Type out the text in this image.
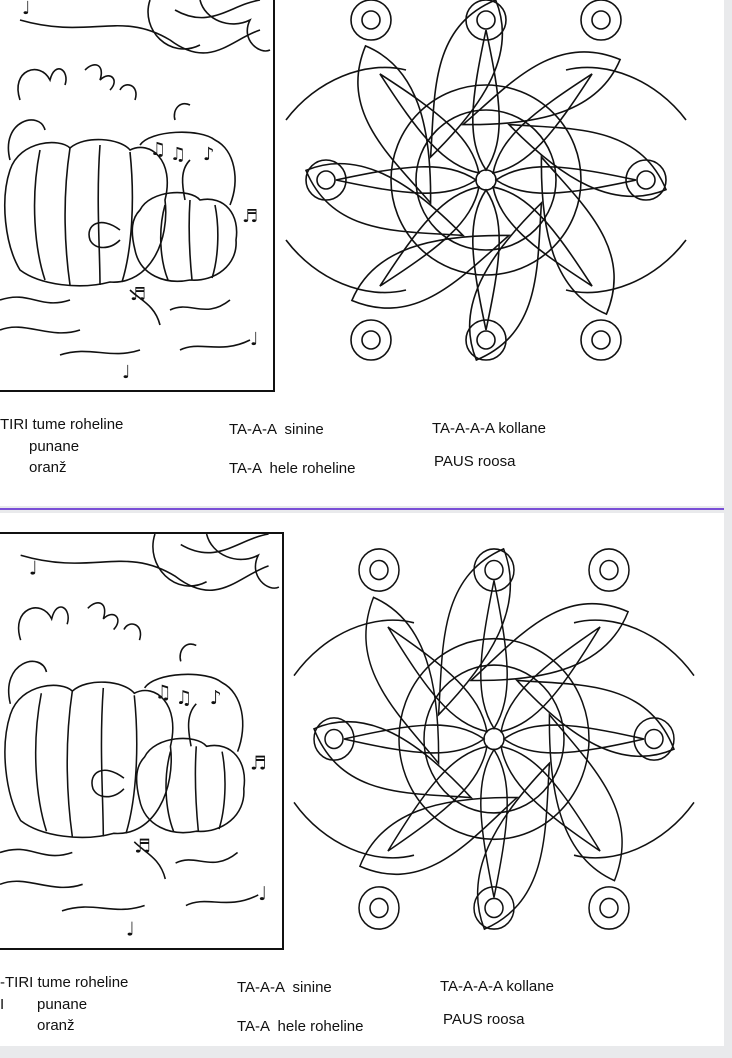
♩
♫ ♫ ♪
♬
♩
♩
♬
TIRI tume roheline
punane
oranž
TA-A-A  sinine
TA-A  hele roheline
TA-A-A-A kollane
PAUS roosa
♩
♫ ♫ ♪
♬
♩
♩
♬
-TIRI tume roheline
I punane
oranž
TA-A-A  sinine
TA-A  hele roheline
TA-A-A-A kollane
PAUS roosa
